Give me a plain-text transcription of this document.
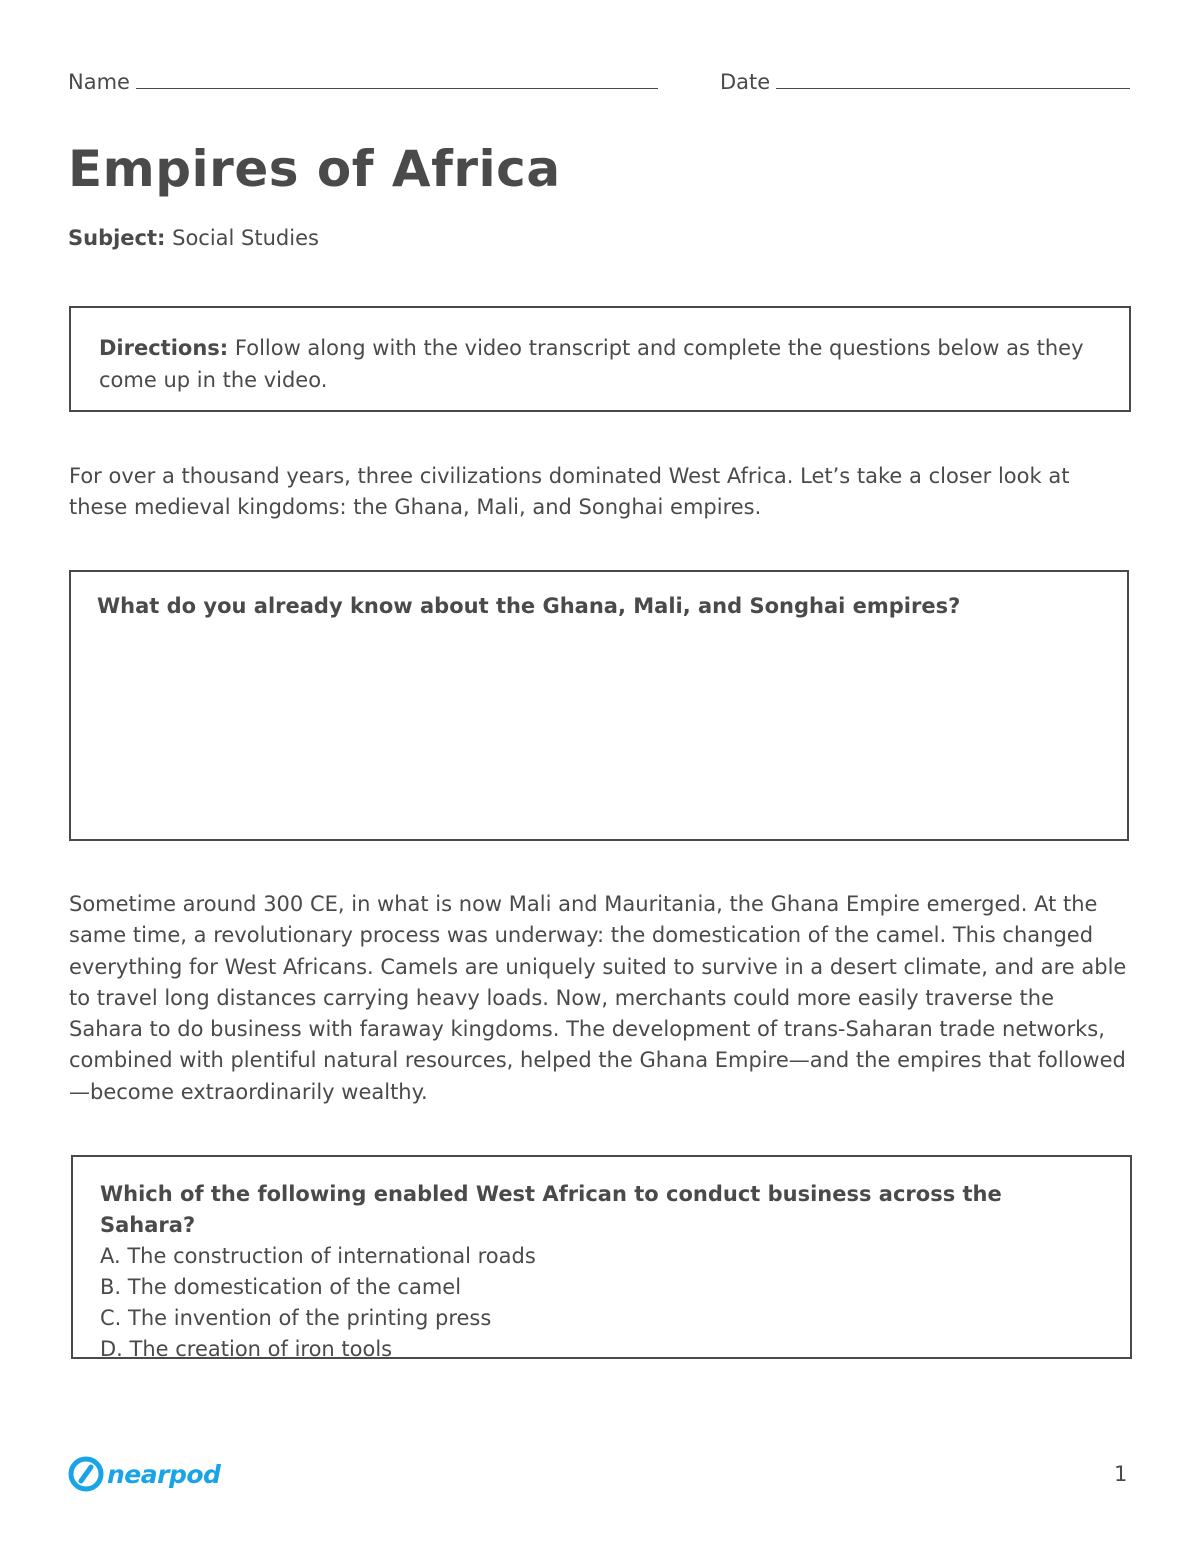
Name	Date
Empires of Africa
Subject: Social Studies
Directions: Follow along with the video transcript and complete the questions below as they come up in the video.

For over a thousand years, three civilizations dominated West Africa. Let’s take a closer look at these medieval kingdoms: the Ghana, Mali, and Songhai empires.

What do you already know about the Ghana, Mali, and Songhai empires?

Sometime around 300 CE, in what is now Mali and Mauritania, the Ghana Empire emerged. At the same time, a revolutionary process was underway: the domestication of the camel. This changed everything for West Africans. Camels are uniquely suited to survive in a desert climate, and are able to travel long distances carrying heavy loads. Now, merchants could more easily traverse the Sahara to do business with faraway kingdoms. The development of trans-Saharan trade networks, combined with plentiful natural resources, helped the Ghana Empire—and the empires that followed—become extraordinarily wealthy.

Which of the following enabled West African to conduct business across the Sahara?
A. The construction of international roads
B. The domestication of the camel
C. The invention of the printing press
D. The creation of iron tools
nearpod	1
